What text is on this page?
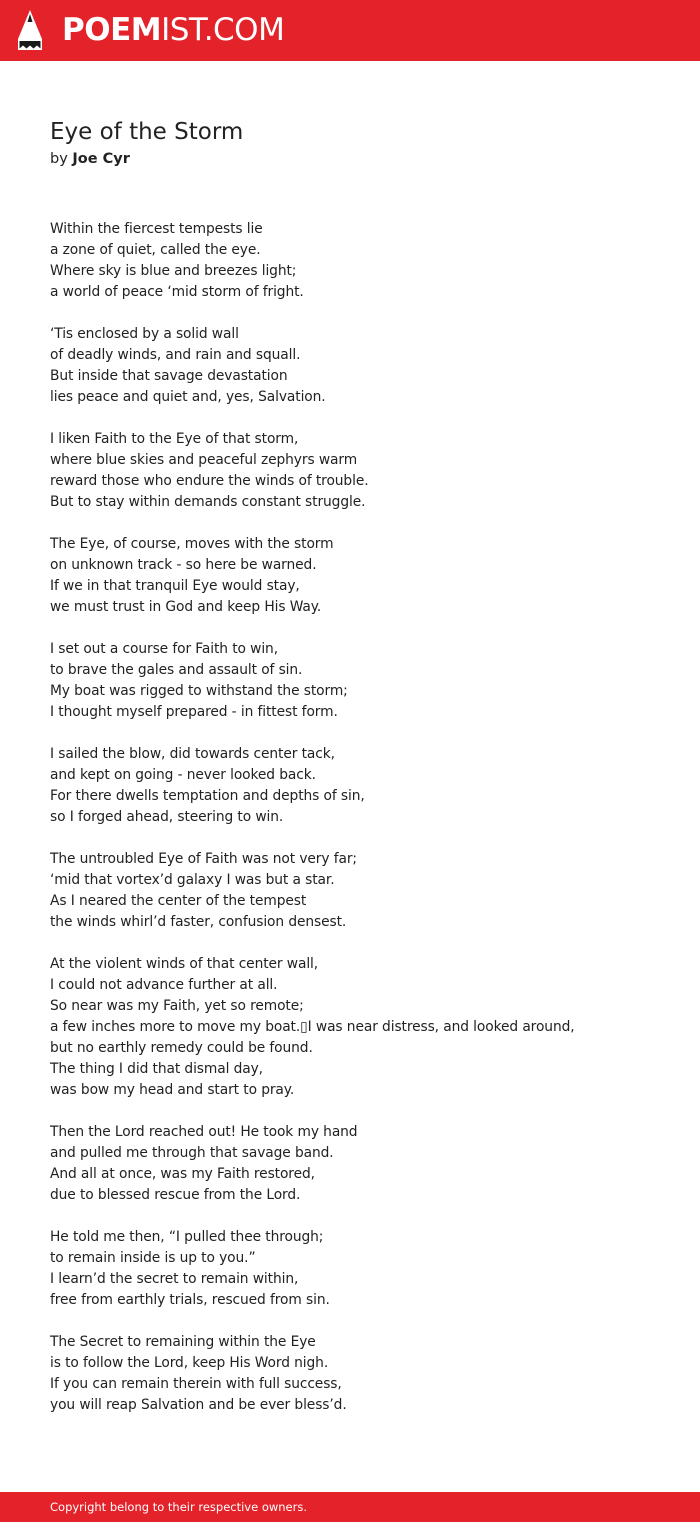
POEMIST.COM
Eye of the Storm
by Joe Cyr
Within the fiercest tempests lie
a zone of quiet, called the eye.
Where sky is blue and breezes light;
a world of peace ‘mid storm of fright.
‘Tis enclosed by a solid wall
of deadly winds, and rain and squall.
But inside that savage devastation
lies peace and quiet and, yes, Salvation.
I liken Faith to the Eye of that storm,
where blue skies and peaceful zephyrs warm
reward those who endure the winds of trouble.
But to stay within demands constant struggle.
The Eye, of course, moves with the storm
on unknown track - so here be warned.
If we in that tranquil Eye would stay,
we must trust in God and keep His Way.
I set out a course for Faith to win,
to brave the gales and assault of sin.
My boat was rigged to withstand the storm;
I thought myself prepared - in fittest form.
I sailed the blow, did towards center tack,
and kept on going - never looked back.
For there dwells temptation and depths of sin,
so I forged ahead, steering to win.
The untroubled Eye of Faith was not very far;
‘mid that vortex’d galaxy I was but a star.
As I neared the center of the tempest
the winds whirl’d faster, confusion densest.
At the violent winds of that center wall,
I could not advance further at all.
So near was my Faith, yet so remote;
a few inches more to move my boat.▯I was near distress, and looked around,
but no earthly remedy could be found.
The thing I did that dismal day,
was bow my head and start to pray.
Then the Lord reached out! He took my hand
and pulled me through that savage band.
And all at once, was my Faith restored,
due to blessed rescue from the Lord.
He told me then, “I pulled thee through;
to remain inside is up to you.”
I learn’d the secret to remain within,
free from earthly trials, rescued from sin.
The Secret to remaining within the Eye
is to follow the Lord, keep His Word nigh.
If you can remain therein with full success,
you will reap Salvation and be ever bless’d.
Copyright belong to their respective owners.
